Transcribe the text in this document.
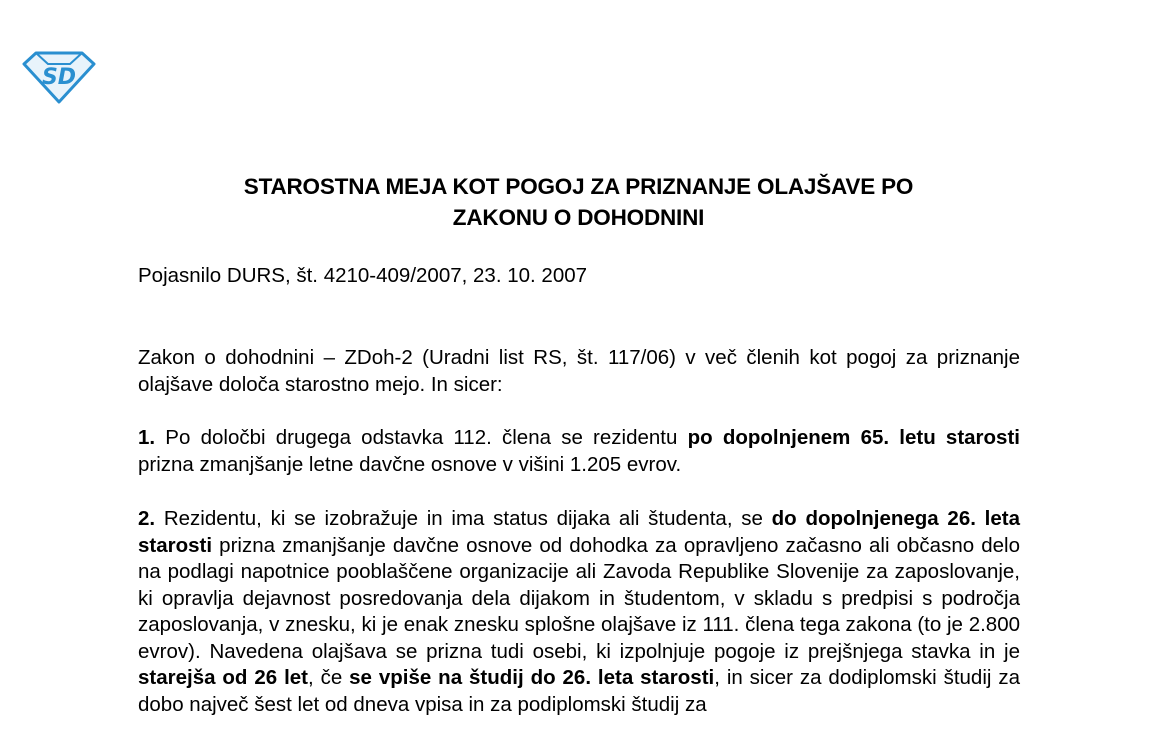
SD
STAROSTNA MEJA KOT POGOJ ZA PRIZNANJE OLAJŠAVE PO
ZAKONU O DOHODNINI
Pojasnilo DURS, št. 4210-409/2007, 23. 10. 2007
Zakon o dohodnini – ZDoh-2 (Uradni list RS, št. 117/06) v več členih kot pogoj za priznanje olajšave določa starostno mejo. In sicer:
1. Po določbi drugega odstavka 112. člena se rezidentu po dopolnjenem 65. letu starosti prizna zmanjšanje letne davčne osnove v višini 1.205 evrov.
2. Rezidentu, ki se izobražuje in ima status dijaka ali študenta, se do dopolnjenega 26. leta starosti prizna zmanjšanje davčne osnove od dohodka za opravljeno začasno ali občasno delo na podlagi napotnice pooblaščene organizacije ali Zavoda Republike Slovenije za zaposlovanje, ki opravlja dejavnost posredovanja dela dijakom in študentom, v skladu s predpisi s področja zaposlovanja, v znesku, ki je enak znesku splošne olajšave iz 111. člena tega zakona (to je 2.800 evrov). Navedena olajšava se prizna tudi osebi, ki izpolnjuje pogoje iz prejšnjega stavka in je starejša od 26 let, če se vpiše na študij do 26. leta starosti, in sicer za dodiplomski študij za dobo največ šest let od dneva vpisa in za podiplomski študij za
